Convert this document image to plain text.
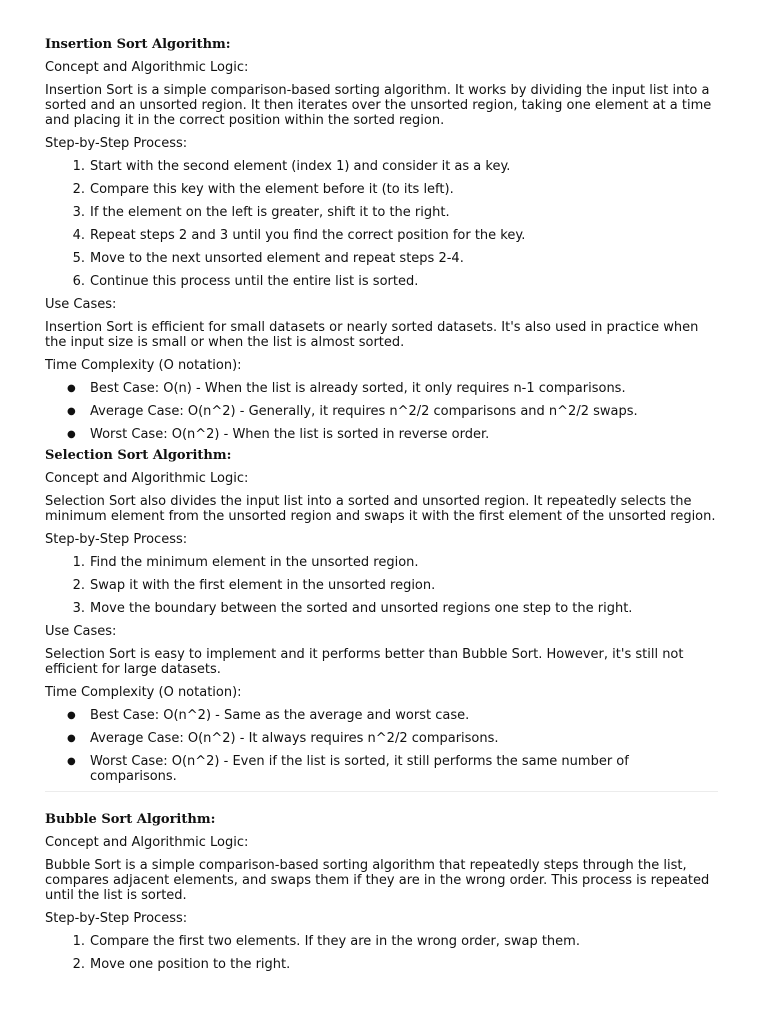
Insertion Sort Algorithm:
Concept and Algorithmic Logic:
Insertion Sort is a simple comparison-based sorting algorithm. It works by dividing the input list into a sorted and an unsorted region. It then iterates over the unsorted region, taking one element at a time and placing it in the correct position within the sorted region.
Step-by-Step Process:
1. Start with the second element (index 1) and consider it as a key.
2. Compare this key with the element before it (to its left).
3. If the element on the left is greater, shift it to the right.
4. Repeat steps 2 and 3 until you find the correct position for the key.
5. Move to the next unsorted element and repeat steps 2-4.
6. Continue this process until the entire list is sorted.
Use Cases:
Insertion Sort is efficient for small datasets or nearly sorted datasets. It's also used in practice when the input size is small or when the list is almost sorted.
Time Complexity (O notation):
● Best Case: O(n) - When the list is already sorted, it only requires n-1 comparisons.
● Average Case: O(n^2) - Generally, it requires n^2/2 comparisons and n^2/2 swaps.
● Worst Case: O(n^2) - When the list is sorted in reverse order.
Selection Sort Algorithm:
Concept and Algorithmic Logic:
Selection Sort also divides the input list into a sorted and unsorted region. It repeatedly selects the minimum element from the unsorted region and swaps it with the first element of the unsorted region.
Step-by-Step Process:
1. Find the minimum element in the unsorted region.
2. Swap it with the first element in the unsorted region.
3. Move the boundary between the sorted and unsorted regions one step to the right.
Use Cases:
Selection Sort is easy to implement and it performs better than Bubble Sort. However, it's still not efficient for large datasets.
Time Complexity (O notation):
● Best Case: O(n^2) - Same as the average and worst case.
● Average Case: O(n^2) - It always requires n^2/2 comparisons.
● Worst Case: O(n^2) - Even if the list is sorted, it still performs the same number of comparisons.
Bubble Sort Algorithm:
Concept and Algorithmic Logic:
Bubble Sort is a simple comparison-based sorting algorithm that repeatedly steps through the list, compares adjacent elements, and swaps them if they are in the wrong order. This process is repeated until the list is sorted.
Step-by-Step Process:
1. Compare the first two elements. If they are in the wrong order, swap them.
2. Move one position to the right.
